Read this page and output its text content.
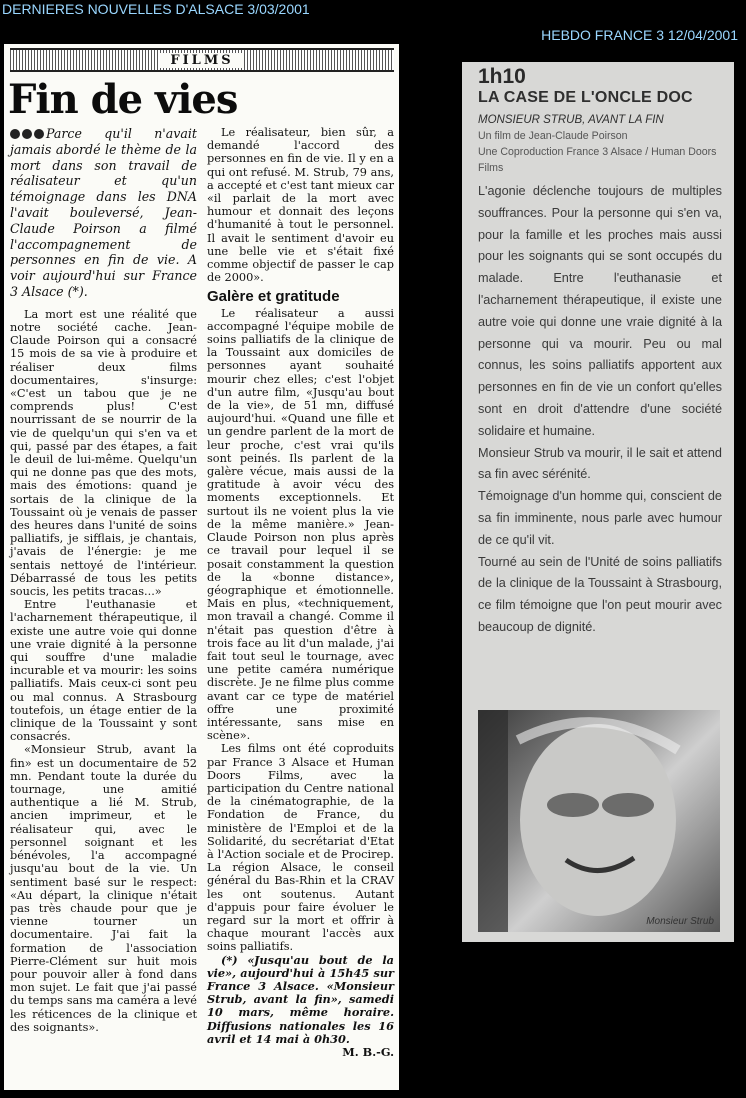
DERNIERES NOUVELLES D'ALSACE 3/03/2001
HEBDO FRANCE 3 12/04/2001
FILMS
Fin de vies

Parce qu'il n'avait jamais abordé le thème de la mort dans son travail de réalisateur et qu'un témoignage dans les DNA l'avait bouleversé, Jean-Claude Poirson a filmé l'accompagnement de personnes en fin de vie. A voir aujourd'hui sur France 3 Alsace (*).

La mort est une réalité que notre société cache. Jean-Claude Poirson qui a consacré 15 mois de sa vie à produire et réaliser deux films documentaires, s'insurge: «C'est un tabou que je ne comprends plus! C'est nourrissant de se nourrir de la vie de quelqu'un qui s'en va et qui, passé par des étapes, a fait le deuil de lui-même. Quelqu'un qui ne donne pas que des mots, mais des émotions: quand je sortais de la clinique de la Toussaint où je venais de passer des heures dans l'unité de soins palliatifs, je sifflais, je chantais, j'avais de l'énergie: je me sentais nettoyé de l'intérieur. Débarrassé de tous les petits soucis, les petits tracas...»

Entre l'euthanasie et l'acharnement thérapeutique, il existe une autre voie qui donne une vraie dignité à la personne qui souffre d'une maladie incurable et va mourir: les soins palliatifs. Mais ceux-ci sont peu ou mal connus. A Strasbourg toutefois, un étage entier de la clinique de la Toussaint y sont consacrés.

«Monsieur Strub, avant la fin» est un documentaire de 52 mn. Pendant toute la durée du tournage, une amitié authentique a lié M. Strub, ancien imprimeur, et le réalisateur qui, avec le personnel soignant et les bénévoles, l'a accompagné jusqu'au bout de la vie. Un sentiment basé sur le respect: «Au départ, la clinique n'était pas très chaude pour que je vienne tourner un documentaire. J'ai fait la formation de l'association Pierre-Clément sur huit mois pour pouvoir aller à fond dans mon sujet. Le fait que j'ai passé du temps sans ma caméra a levé les réticences de la clinique et des soignants».

Le réalisateur, bien sûr, a demandé l'accord des personnes en fin de vie. Il y en a qui ont refusé. M. Strub, 79 ans, a accepté et c'est tant mieux car «il parlait de la mort avec humour et donnait des leçons d'humanité à tout le personnel. Il avait le sentiment d'avoir eu une belle vie et s'était fixé comme objectif de passer le cap de 2000».

Galère et gratitude

Le réalisateur a aussi accompagné l'équipe mobile de soins palliatifs de la clinique de la Toussaint aux domiciles de personnes ayant souhaité mourir chez elles; c'est l'objet d'un autre film, «Jusqu'au bout de la vie», de 51 mn, diffusé aujourd'hui. «Quand une fille et un gendre parlent de la mort de leur proche, c'est vrai qu'ils sont peinés. Ils parlent de la galère vécue, mais aussi de la gratitude à avoir vécu des moments exceptionnels. Et surtout ils ne voient plus la vie de la même manière.» Jean-Claude Poirson non plus après ce travail pour lequel il se posait constamment la question de la «bonne distance», géographique et émotionnelle. Mais en plus, «techniquement, mon travail a changé. Comme il n'était pas question d'être à trois face au lit d'un malade, j'ai fait tout seul le tournage, avec une petite caméra numérique discrète. Je ne filme plus comme avant car ce type de matériel offre une proximité intéressante, sans mise en scène».

Les films ont été coproduits par France 3 Alsace et Human Doors Films, avec la participation du Centre national de la cinématographie, de la Fondation de France, du ministère de l'Emploi et de la Solidarité, du secrétariat d'Etat à l'Action sociale et de Procirep. La région Alsace, le conseil général du Bas-Rhin et la CRAV les ont soutenus. Autant d'appuis pour faire évoluer le regard sur la mort et offrir à chaque mourant l'accès aux soins palliatifs.

(*) «Jusqu'au bout de la vie», aujourd'hui à 15h45 sur France 3 Alsace. «Monsieur Strub, avant la fin», samedi 10 mars, même horaire. Diffusions nationales les 16 avril et 14 mai à 0h30.
M. B.-G.

1h10
LA CASE DE L'ONCLE DOC
MONSIEUR STRUB, AVANT LA FIN
Un film de Jean-Claude Poirson
Une Coproduction France 3 Alsace / Human Doors Films

L'agonie déclenche toujours de multiples souffrances. Pour la personne qui s'en va, pour la famille et les proches mais aussi pour les soignants qui se sont occupés du malade. Entre l'euthanasie et l'acharnement thérapeutique, il existe une autre voie qui donne une vraie dignité à la personne qui va mourir. Peu ou mal connus, les soins palliatifs apportent aux personnes en fin de vie un confort qu'elles sont en droit d'attendre d'une société solidaire et humaine.

Monsieur Strub va mourir, il le sait et attend sa fin avec sérénité.

Témoignage d'un homme qui, conscient de sa fin imminente, nous parle avec humour de ce qu'il vit.

Tourné au sein de l'Unité de soins palliatifs de la clinique de la Toussaint à Strasbourg, ce film témoigne que l'on peut mourir avec beaucoup de dignité.

Monsieur Strub
